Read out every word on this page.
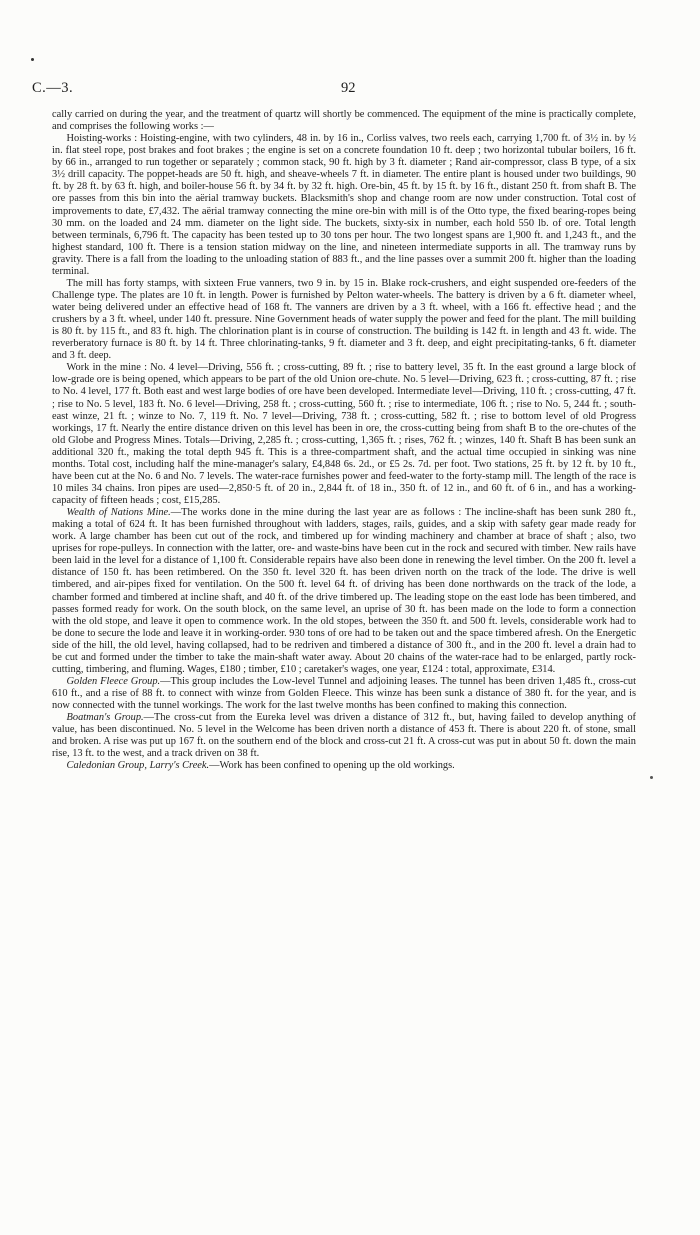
C.—3.	92

cally carried on during the year, and the treatment of quartz will shortly be commenced. The equipment of the mine is practically complete, and comprises the following works :—

Hoisting-works : Hoisting-engine, with two cylinders, 48 in. by 16 in., Corliss valves, two reels each, carrying 1,700 ft. of 3½ in. by ½ in. flat steel rope, post brakes and foot brakes ; the engine is set on a concrete foundation 10 ft. deep ; two horizontal tubular boilers, 16 ft. by 66 in., arranged to run together or separately ; common stack, 90 ft. high by 3 ft. diameter ; Rand air-compressor, class B type, of a six 3½ drill capacity. The poppet-heads are 50 ft. high, and sheave-wheels 7 ft. in diameter. The entire plant is housed under two buildings, 90 ft. by 28 ft. by 63 ft. high, and boiler-house 56 ft. by 34 ft. by 32 ft. high. Ore-bin, 45 ft. by 15 ft. by 16 ft., distant 250 ft. from shaft B. The ore passes from this bin into the aërial tramway buckets. Blacksmith's shop and change room are now under construction. Total cost of improvements to date, £7,432. The aërial tramway connecting the mine ore-bin with mill is of the Otto type, the fixed bearing-ropes being 30 mm. on the loaded and 24 mm. diameter on the light side. The buckets, sixty-six in number, each hold 550 lb. of ore. Total length between terminals, 6,796 ft. The capacity has been tested up to 30 tons per hour. The two longest spans are 1,900 ft. and 1,243 ft., and the highest standard, 100 ft. There is a tension station midway on the line, and nineteen intermediate supports in all. The tramway runs by gravity. There is a fall from the loading to the unloading station of 883 ft., and the line passes over a summit 200 ft. higher than the loading terminal.

The mill has forty stamps, with sixteen Frue vanners, two 9 in. by 15 in. Blake rock-crushers, and eight suspended ore-feeders of the Challenge type. The plates are 10 ft. in length. Power is furnished by Pelton water-wheels. The battery is driven by a 6 ft. diameter wheel, water being delivered under an effective head of 168 ft. The vanners are driven by a 3 ft. wheel, with a 166 ft. effective head ; and the crushers by a 3 ft. wheel, under 140 ft. pressure. Nine Government heads of water supply the power and feed for the plant. The mill building is 80 ft. by 115 ft., and 83 ft. high. The chlorination plant is in course of construction. The building is 142 ft. in length and 43 ft. wide. The reverberatory furnace is 80 ft. by 14 ft. Three chlorinating-tanks, 9 ft. diameter and 3 ft. deep, and eight precipitating-tanks, 6 ft. diameter and 3 ft. deep.

Work in the mine : No. 4 level—Driving, 556 ft. ; cross-cutting, 89 ft. ; rise to battery level, 35 ft. In the east ground a large block of low-grade ore is being opened, which appears to be part of the old Union ore-chute. No. 5 level—Driving, 623 ft. ; cross-cutting, 87 ft. ; rise to No. 4 level, 177 ft. Both east and west large bodies of ore have been developed. Intermediate level—Driving, 110 ft. ; cross-cutting, 47 ft. ; rise to No. 5 level, 183 ft. No. 6 level—Driving, 258 ft. ; cross-cutting, 560 ft. ; rise to intermediate, 106 ft. ; rise to No. 5, 244 ft. ; south-east winze, 21 ft. ; winze to No. 7, 119 ft. No. 7 level—Driving, 738 ft. ; cross-cutting, 582 ft. ; rise to bottom level of old Progress workings, 17 ft. Nearly the entire distance driven on this level has been in ore, the cross-cutting being from shaft B to the ore-chutes of the old Globe and Progress Mines. Totals—Driving, 2,285 ft. ; cross-cutting, 1,365 ft. ; rises, 762 ft. ; winzes, 140 ft. Shaft B has been sunk an additional 320 ft., making the total depth 945 ft. This is a three-compartment shaft, and the actual time occupied in sinking was nine months. Total cost, including half the mine-manager's salary, £4,848 6s. 2d., or £5 2s. 7d. per foot. Two stations, 25 ft. by 12 ft. by 10 ft., have been cut at the No. 6 and No. 7 levels. The water-race furnishes power and feed-water to the forty-stamp mill. The length of the race is 10 miles 34 chains. Iron pipes are used—2,850·5 ft. of 20 in., 2,844 ft. of 18 in., 350 ft. of 12 in., and 60 ft. of 6 in., and has a working-capacity of fifteen heads ; cost, £15,285.

Wealth of Nations Mine.—The works done in the mine during the last year are as follows : The incline-shaft has been sunk 280 ft., making a total of 624 ft. It has been furnished throughout with ladders, stages, rails, guides, and a skip with safety gear made ready for work. A large chamber has been cut out of the rock, and timbered up for winding machinery and chamber at brace of shaft ; also, two uprises for rope-pulleys. In connection with the latter, ore- and waste-bins have been cut in the rock and secured with timber. New rails have been laid in the level for a distance of 1,100 ft. Considerable repairs have also been done in renewing the level timber. On the 200 ft. level a distance of 150 ft. has been retimbered. On the 350 ft. level 320 ft. has been driven north on the track of the lode. The drive is well timbered, and air-pipes fixed for ventilation. On the 500 ft. level 64 ft. of driving has been done northwards on the track of the lode, a chamber formed and timbered at incline shaft, and 40 ft. of the drive timbered up. The leading stope on the east lode has been timbered, and passes formed ready for work. On the south block, on the same level, an uprise of 30 ft. has been made on the lode to form a connection with the old stope, and leave it open to commence work. In the old stopes, between the 350 ft. and 500 ft. levels, considerable work had to be done to secure the lode and leave it in working-order. 930 tons of ore had to be taken out and the space timbered afresh. On the Energetic side of the hill, the old level, having collapsed, had to be redriven and timbered a distance of 300 ft., and in the 200 ft. level a drain had to be cut and formed under the timber to take the main-shaft water away. About 20 chains of the water-race had to be enlarged, partly rock-cutting, timbering, and fluming. Wages, £180 ; timber, £10 ; caretaker's wages, one year, £124 : total, approximate, £314.

Golden Fleece Group.—This group includes the Low-level Tunnel and adjoining leases. The tunnel has been driven 1,485 ft., cross-cut 610 ft., and a rise of 88 ft. to connect with winze from Golden Fleece. This winze has been sunk a distance of 380 ft. for the year, and is now connected with the tunnel workings. The work for the last twelve months has been confined to making this connection.

Boatman's Group.—The cross-cut from the Eureka level was driven a distance of 312 ft., but, having failed to develop anything of value, has been discontinued. No. 5 level in the Welcome has been driven north a distance of 453 ft. There is about 220 ft. of stone, small and broken. A rise was put up 167 ft. on the southern end of the block and cross-cut 21 ft. A cross-cut was put in about 50 ft. down the main rise, 13 ft. to the west, and a track driven on 38 ft.

Caledonian Group, Larry's Creek.—Work has been confined to opening up the old workings.
